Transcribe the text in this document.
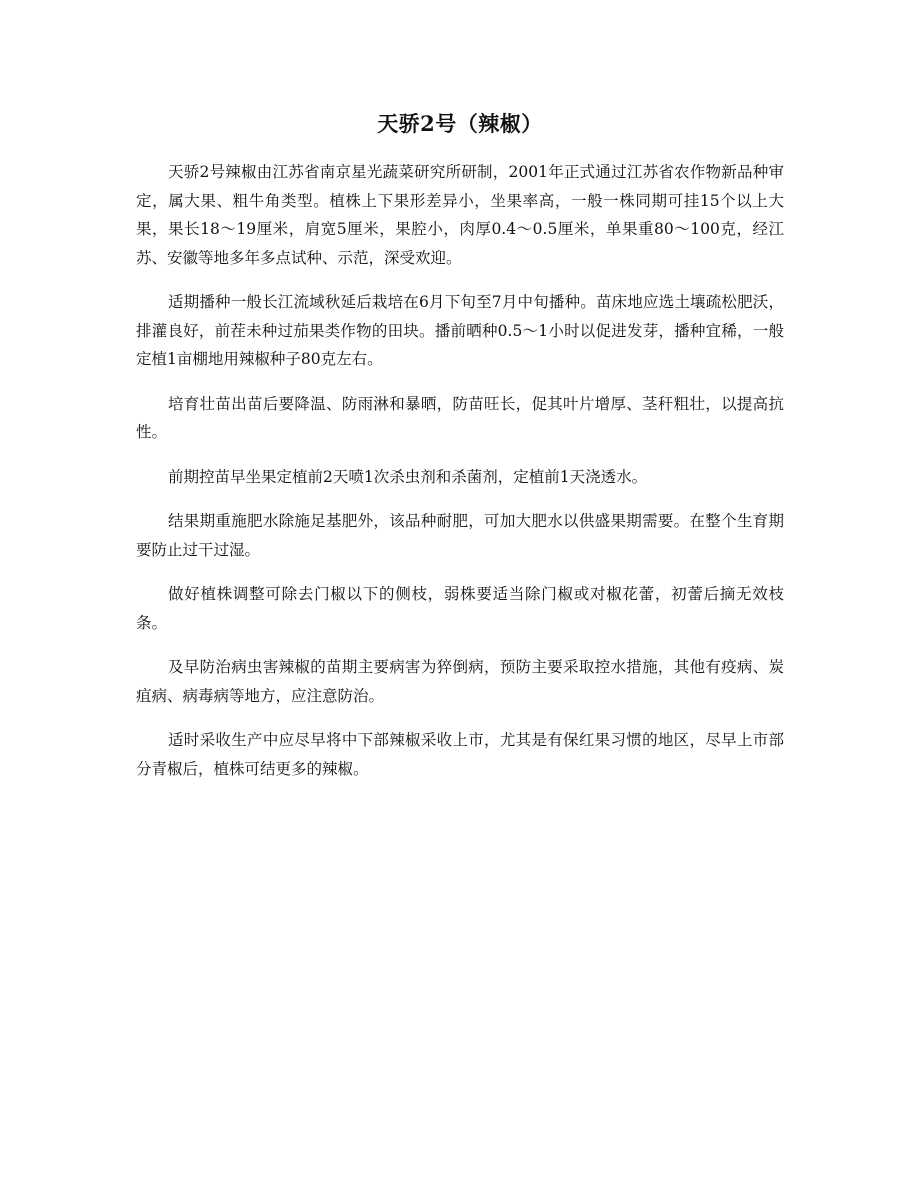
天骄2号（辣椒）

天骄2号辣椒由江苏省南京星光蔬菜研究所研制，2001年正式通过江苏省农作物新品种审定，属大果、粗牛角类型。植株上下果形差异小，坐果率高，一般一株同期可挂15个以上大果，果长18～19厘米，肩宽5厘米，果腔小，肉厚0.4～0.5厘米，单果重80～100克，经江苏、安徽等地多年多点试种、示范，深受欢迎。

适期播种一般长江流域秋延后栽培在6月下旬至7月中旬播种。苗床地应选土壤疏松肥沃，排灌良好，前茬未种过茄果类作物的田块。播前晒种0.5～1小时以促进发芽，播种宜稀，一般定植1亩棚地用辣椒种子80克左右。

培育壮苗出苗后要降温、防雨淋和暴晒，防苗旺长，促其叶片增厚、茎秆粗壮，以提高抗性。

前期控苗早坐果定植前2天喷1次杀虫剂和杀菌剂，定植前1天浇透水。

结果期重施肥水除施足基肥外，该品种耐肥，可加大肥水以供盛果期需要。在整个生育期要防止过干过湿。

做好植株调整可除去门椒以下的侧枝，弱株要适当除门椒或对椒花蕾，初蕾后摘无效枝条。

及早防治病虫害辣椒的苗期主要病害为猝倒病，预防主要采取控水措施，其他有疫病、炭疽病、病毒病等地方，应注意防治。

适时采收生产中应尽早将中下部辣椒采收上市，尤其是有保红果习惯的地区，尽早上市部分青椒后，植株可结更多的辣椒。
